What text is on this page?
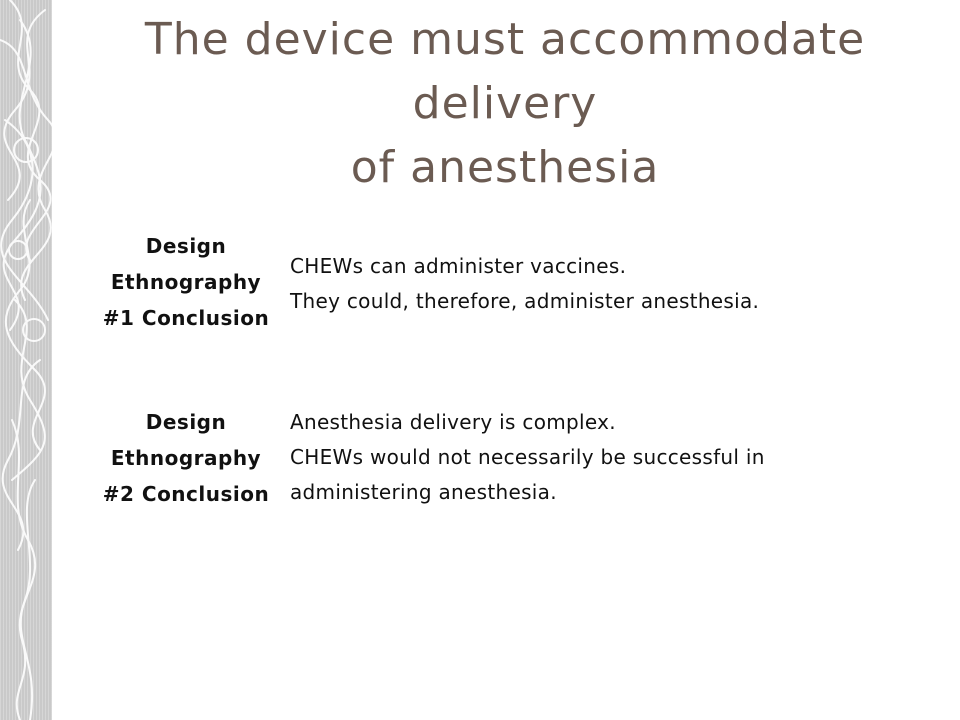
The device must accommodate delivery
of anesthesia
Design
Ethnography
#1 Conclusion
CHEWs can administer vaccines.
They could, therefore, administer anesthesia.
Design
Ethnography
#2 Conclusion
Anesthesia delivery is complex.
CHEWs would not necessarily be successful in
administering anesthesia.
